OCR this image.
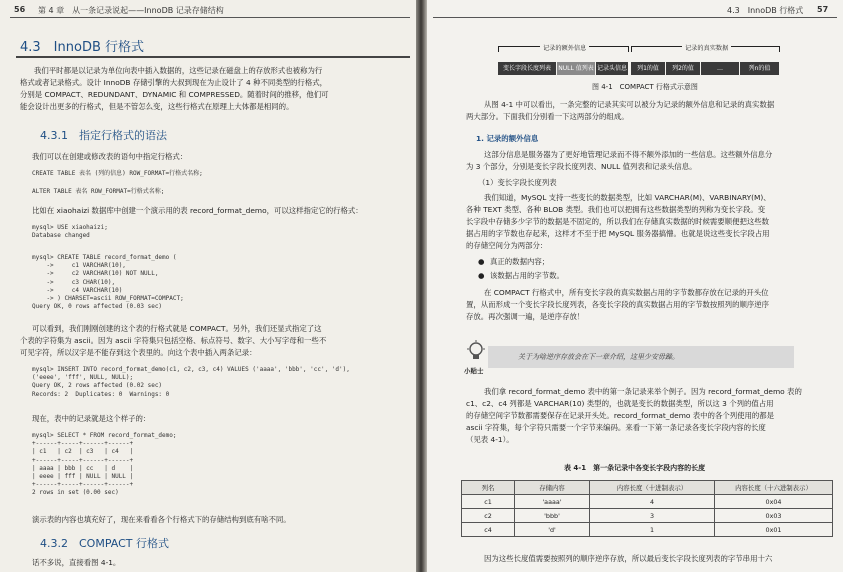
56 第 4 章　从一条记录说起——InnoDB 记录存储结构
4.3　InnoDB 行格式
我们平时都是以记录为单位向表中插入数据的，这些记录在磁盘上的存放形式也被称为行
格式或者记录格式。设计 InnoDB 存储引擎的大叔到现在为止设计了 4 种不同类型的行格式，
分别是 COMPACT、REDUNDANT、DYNAMIC 和 COMPRESSED。随着时间的推移，他们可
能会设计出更多的行格式，但是不管怎么变，这些行格式在原理上大体都是相同的。
4.3.1　指定行格式的语法
我们可以在创建或修改表的语句中指定行格式：
CREATE TABLE 表名 (列的信息) ROW_FORMAT=行格式名称;
ALTER TABLE 表名 ROW_FORMAT=行格式名称;
比如在 xiaohaizi 数据库中创建一个演示用的表 record_format_demo，可以这样指定它的行格式：
mysql> USE xiaohaizi;
Database changed
mysql> CREATE TABLE record_format_demo (
->     c1 VARCHAR(10),
->     c2 VARCHAR(10) NOT NULL,
->     c3 CHAR(10),
->     c4 VARCHAR(10)
-> ) CHARSET=ascii ROW_FORMAT=COMPACT;
Query OK, 0 rows affected (0.03 sec)
可以看到，我们刚刚创建的这个表的行格式就是 COMPACT。另外，我们还显式指定了这
个表的字符集为 ascii。因为 ascii 字符集只包括空格、标点符号、数字、大小写字母和一些不
可见字符，所以汉字是不能存到这个表里的。向这个表中插入两条记录：
mysql> INSERT INTO record_format_demo(c1, c2, c3, c4) VALUES ('aaaa', 'bbb', 'cc', 'd'),
('eeee', 'fff', NULL, NULL);
Query OK, 2 rows affected (0.02 sec)
Records: 2  Duplicates: 0  Warnings: 0
现在，表中的记录就是这个样子的：
mysql> SELECT * FROM record_format_demo;
+------+-----+------+------+
| c1   | c2  | c3   | c4   |
+------+-----+------+------+
| aaaa | bbb | cc   | d    |
| eeee | fff | NULL | NULL |
+------+-----+------+------+
2 rows in set (0.00 sec)
演示表的内容也填充好了，现在来看看各个行格式下的存储结构到底有啥不同。
4.3.2　COMPACT 行格式
话不多说，直接看图 4-1。
4.3　InnoDB 行格式 57
记录的额外信息	记录的真实数据
变长字段长度列表	NULL 值列表 记录头信息	列1的值	列2的值	…	列n的值
图 4-1　COMPACT 行格式示意图
从图 4-1 中可以看出，一条完整的记录其实可以被分为记录的额外信息和记录的真实数据
两大部分。下面我们分别看一下这两部分的组成。
1. 记录的额外信息
这部分信息是服务器为了更好地管理记录而不得不额外添加的一些信息。这些额外信息分
为 3 个部分，分别是变长字段长度列表、NULL 值列表和记录头信息。
（1）变长字段长度列表
我们知道，MySQL 支持一些变长的数据类型，比如 VARCHAR(M)、VARBINARY(M)、
各种 TEXT 类型、各种 BLOB 类型。我们也可以把拥有这些数据类型的列称为变长字段。变
长字段中存储多少字节的数据是不固定的，所以我们在存储真实数据的时候需要顺便把这些数
据占用的字节数也存起来，这样才不至于把 MySQL 服务器搞懵。也就是说这些变长字段占用
的存储空间分为两部分：
● 真正的数据内容；
● 该数据占用的字节数。
在 COMPACT 行格式中，所有变长字段的真实数据占用的字节数都存放在记录的开头位
置，从而形成一个变长字段长度列表，各变长字段的真实数据占用的字节数按照列的顺序逆序
存放。再次强调一遍，是逆序存放！
小贴士
关于为啥逆序存放会在下一章介绍，这里少安毋躁。
我们拿 record_format_demo 表中的第一条记录来举个例子。因为 record_format_demo 表的
c1、c2、c4 列都是 VARCHAR(10) 类型的，也就是变长的数据类型，所以这 3 个列的值占用
的存储空间字节数都需要保存在记录开头处。record_format_demo 表中的各个列使用的都是
ascii 字符集，每个字符只需要一个字节来编码。来看一下第一条记录各变长字段内容的长度
（见表 4-1）。
表 4-1　第一条记录中各变长字段内容的长度
列名	存储内容	内容长度（十进制表示）	内容长度（十六进制表示）
c1	'aaaa'	4	0x04
c2	'bbb'	3	0x03
c4	'd'	1	0x01
因为这些长度值需要按照列的顺序逆序存放，所以最后变长字段长度列表的字节串用十六
